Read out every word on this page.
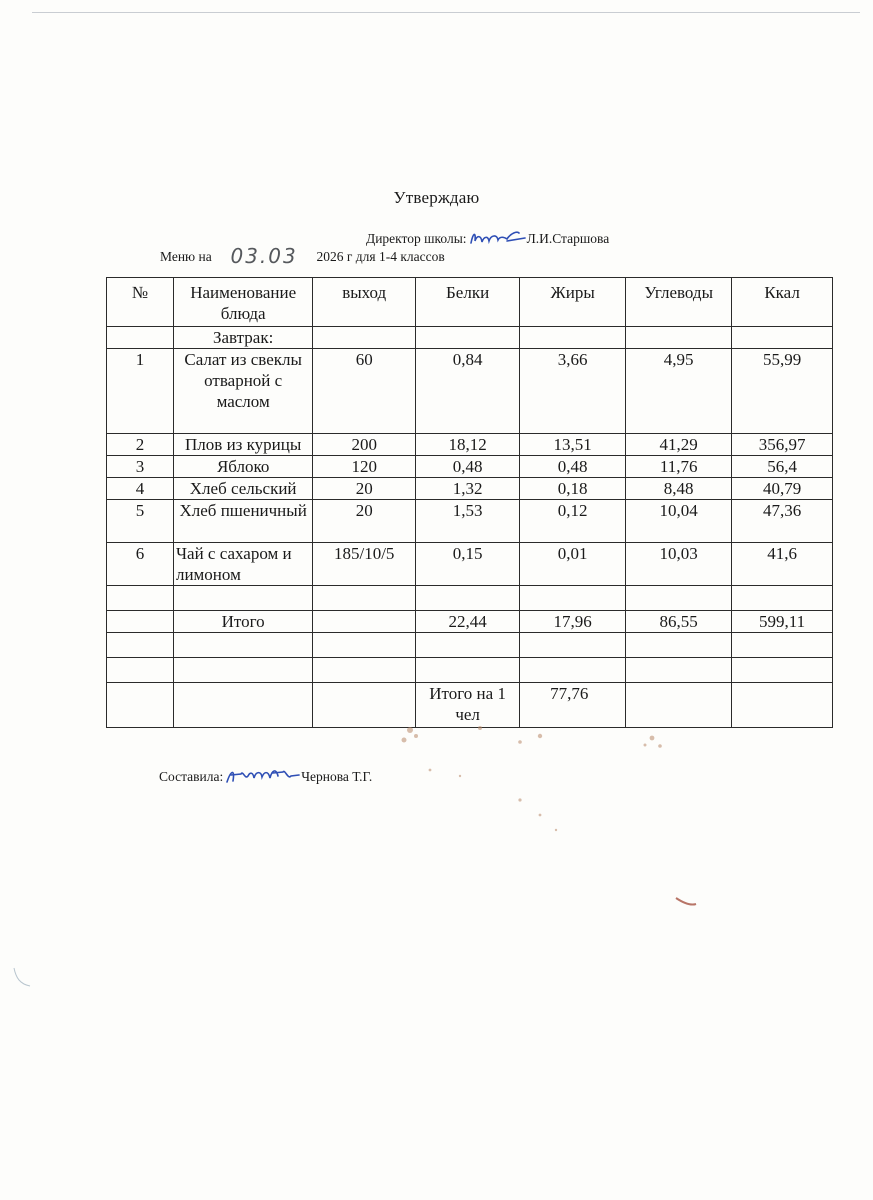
Утверждаю
Директор школы:	Л.И.Старшова
Меню на 03.03 2026 г для 1-4 классов
№	Наименование блюда	выход	Белки	Жиры	Углеводы	Ккал
	Завтрак:					
1	Салат из свеклы отварной с маслом	60	0,84	3,66	4,95	55,99
2	Плов из курицы	200	18,12	13,51	41,29	356,97
3	Яблоко	120	0,48	0,48	11,76	56,4
4	Хлеб сельский	20	1,32	0,18	8,48	40,79
5	Хлеб пшеничный	20	1,53	0,12	10,04	47,36
6	Чай с сахаром и лимоном	185/10/5	0,15	0,01	10,03	41,6

	Итого		22,44	17,96	86,55	599,11

			Итого на 1 чел	77,76		
Составила:	Чернова Т.Г.
